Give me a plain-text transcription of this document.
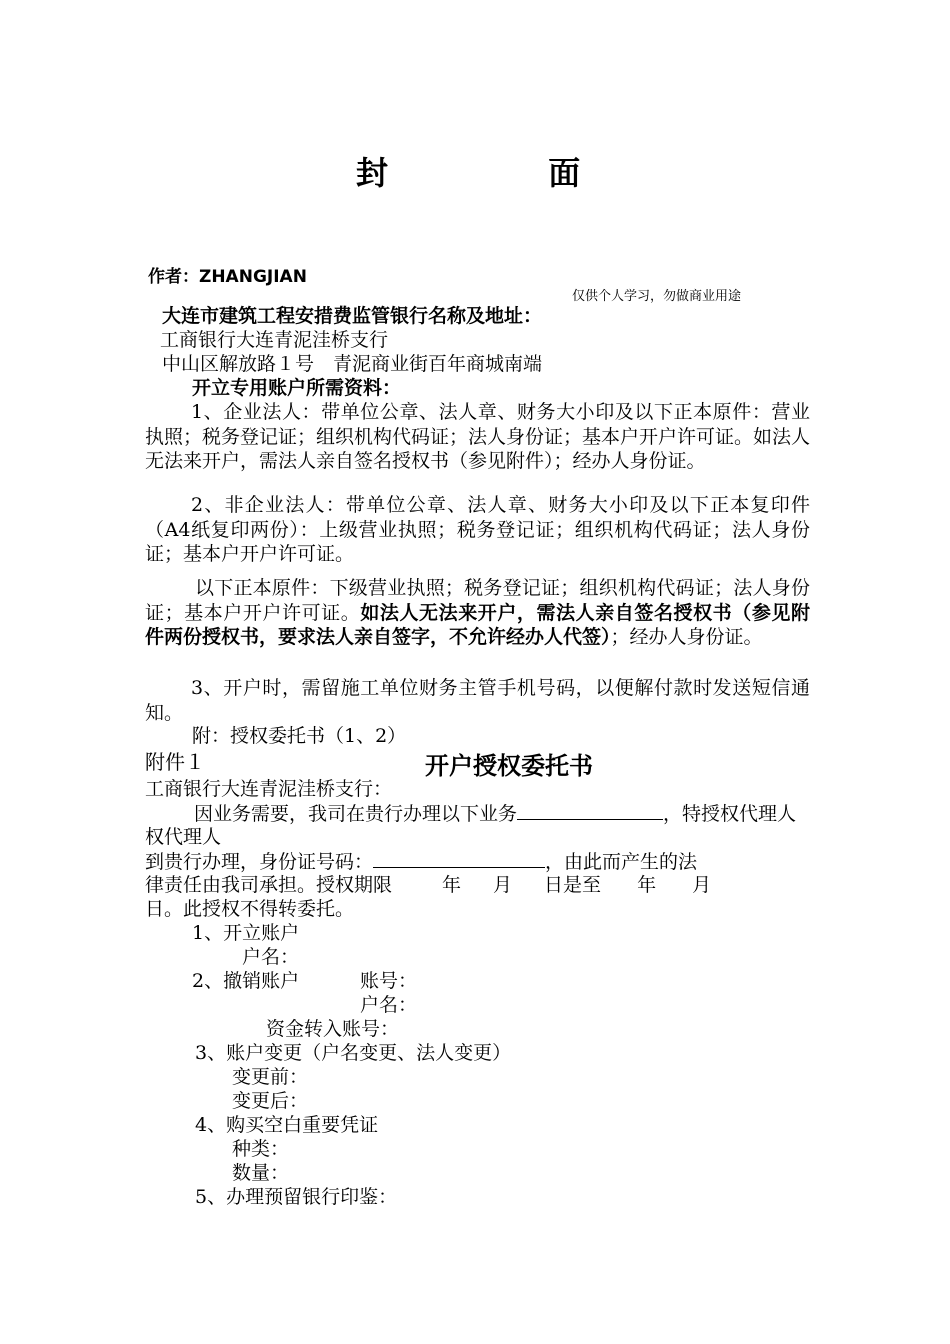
封	面
作者：ZHANGJIAN
仅供个人学习，勿做商业用途
大连市建筑工程安措费监管银行名称及地址：
工商银行大连青泥洼桥支行
中山区解放路１号　青泥商业街百年商城南端
开立专用账户所需资料：
1、企业法人：带单位公章、法人章、财务大小印及以下正本原件：营业执照；税务登记证；组织机构代码证；法人身份证；基本户开户许可证。如法人无法来开户，需法人亲自签名授权书（参见附件）；经办人身份证。
2、非企业法人：带单位公章、法人章、财务大小印及以下正本复印件（A4纸复印两份）：上级营业执照；税务登记证；组织机构代码证；法人身份证；基本户开户许可证。
以下正本原件：下级营业执照；税务登记证；组织机构代码证；法人身份证；基本户开户许可证。如法人无法来开户，需法人亲自签名授权书（参见附件两份授权书，要求法人亲自签字，不允许经办人代签）；经办人身份证。
3、开户时，需留施工单位财务主管手机号码，以便解付款时发送短信通知。
附：授权委托书（1、2）
附件１	开户授权委托书
工商银行大连青泥洼桥支行：
因业务需要，我司在贵行办理以下业务	，特授权代理人
权代理人
到贵行办理，身份证号码：	，由此而产生的法
律责任由我司承担。授权期限	年 月 日是至 年 月
日。此授权不得转委托。
1、开立账户
户名：
2、撤销账户	账号：
户名：
资金转入账号：
3、账户变更（户名变更、法人变更）
变更前：
变更后：
4、购买空白重要凭证
种类：
数量：
5、办理预留银行印鉴：
